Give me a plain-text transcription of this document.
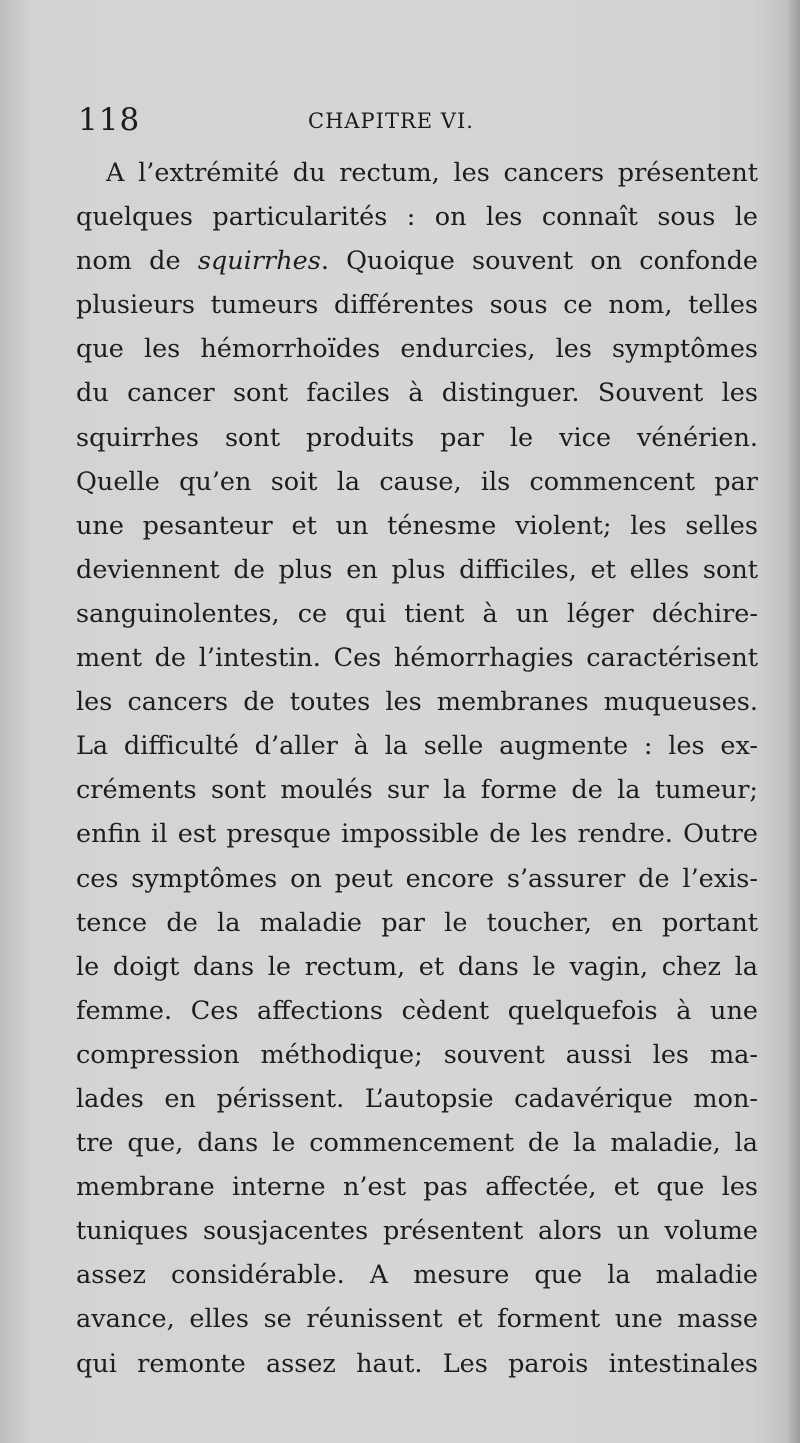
118	CHAPITRE VI.
A l’extrémité du rectum, les cancers présentent
quelques particularités : on les connaît sous le
nom de squirrhes. Quoique souvent on confonde
plusieurs tumeurs différentes sous ce nom, telles
que les hémorrhoïdes endurcies, les symptômes
du cancer sont faciles à distinguer. Souvent les
squirrhes sont produits par le vice vénérien.
Quelle qu’en soit la cause, ils commencent par
une pesanteur et un ténesme violent; les selles
deviennent de plus en plus difficiles, et elles sont
sanguinolentes, ce qui tient à un léger déchire-
ment de l’intestin. Ces hémorrhagies caractérisent
les cancers de toutes les membranes muqueuses.
La difficulté d’aller à la selle augmente : les ex-
créments sont moulés sur la forme de la tumeur;
enfin il est presque impossible de les rendre. Outre
ces symptômes on peut encore s’assurer de l’exis-
tence de la maladie par le toucher, en portant
le doigt dans le rectum, et dans le vagin, chez la
femme. Ces affections cèdent quelquefois à une
compression méthodique; souvent aussi les ma-
lades en périssent. L’autopsie cadavérique mon-
tre que, dans le commencement de la maladie, la
membrane interne n’est pas affectée, et que les
tuniques sousjacentes présentent alors un volume
assez considérable. A mesure que la maladie
avance, elles se réunissent et forment une masse
qui remonte assez haut. Les parois intestinales
